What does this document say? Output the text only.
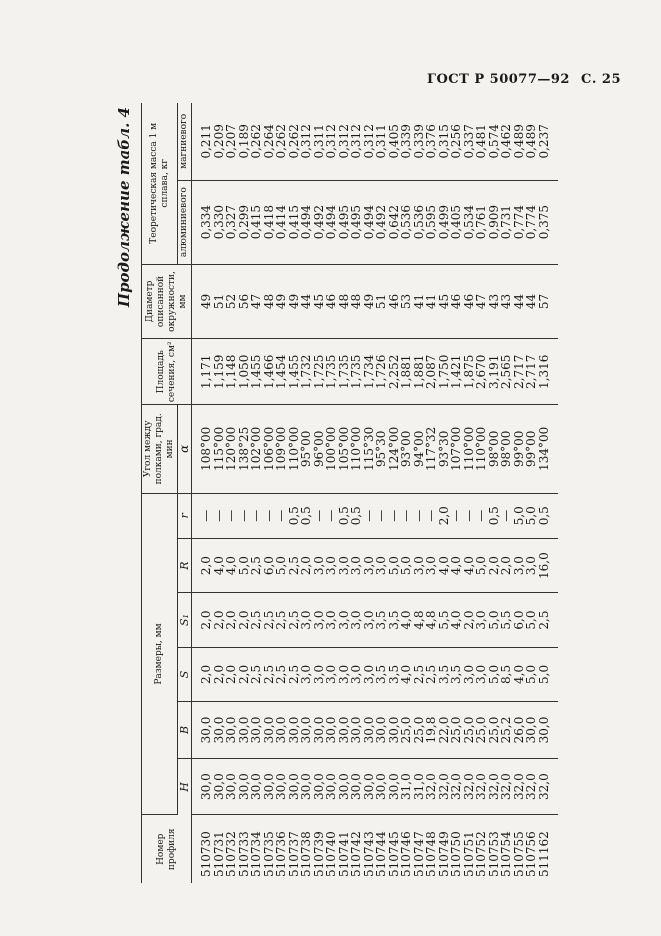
ГОСТ Р 50077—92 С. 25
Продолжение табл. 4
Номер профиля	Размеры, мм						Угол между полками, град. мин	Площадь сечения, см²	Диаметр описанной окружности, мм	Теоретическая масса 1 м сплава, кг	
	H	B	S	S₁	R	r	α			алюминиевого	магниевого
510730	30,0	30,0	2,0	2,0	2,0	—	108°00	1,171	49	0,334	0,211
510731	30,0	30,0	2,0	2,0	4,0	—	115°00	1,159	51	0,330	0,209
510732	30,0	30,0	2,0	2,0	4,0	—	120°00	1,148	52	0,327	0,207
510733	30,0	30,0	2,0	2,0	5,0	—	138°25	1,050	56	0,299	0,189
510734	30,0	30,0	2,5	2,5	2,5	—	102°00	1,455	47	0,415	0,262
510735	30,0	30,0	2,5	2,5	6,0	—	106°00	1,466	48	0,418	0,264
510736	30,0	30,0	2,5	2,5	5,0	—	109°00	1,454	49	0,414	0,262
510737	30,0	30,0	2,5	2,5	2,5	0,5	110°00	1,455	49	0,415	0,262
510738	30,0	30,0	3,0	3,0	2,0	0,5	95°00	1,732	44	0,494	0,312
510739	30,0	30,0	3,0	3,0	3,0	—	96°00	1,725	45	0,492	0,311
510740	30,0	30,0	3,0	3,0	3,0	—	100°00	1,735	46	0,494	0,312
510741	30,0	30,0	3,0	3,0	3,0	0,5	105°00	1,735	48	0,495	0,312
510742	30,0	30,0	3,0	3,0	3,0	0,5	110°00	1,735	48	0,495	0,312
510743	30,0	30,0	3,0	3,0	3,0	—	115°30	1,734	49	0,494	0,312
510744	30,0	30,0	3,5	3,5	3,0	—	95°30	1,726	51	0,492	0,311
510745	30,0	30,0	3,5	3,5	5,0	—	124°00	2,252	46	0,642	0,405
510746	31,0	25,0	4,0	4,0	5,0	—	93°00	1,881	53	0,536	0,339
510747	31,0	25,0	2,5	4,8	3,0	—	94°00	1,881	41	0,536	0,339
510748	32,0	19,8	2,5	4,8	3,0	—	117°32	2,087	41	0,595	0,376
510749	32,0	22,0	3,5	5,5	4,0	2,0	93°30	1,750	45	0,499	0,315
510750	32,0	25,0	3,5	4,0	4,0	—	107°00	1,421	46	0,405	0,256
510751	32,0	25,0	3,0	2,0	4,0	—	110°00	1,875	46	0,534	0,337
510752	32,0	25,0	3,0	3,0	5,0	—	110°00	2,670	47	0,761	0,481
510753	32,0	25,0	5,0	5,0	2,0	0,5	98°00	3,191	43	0,909	0,574
510754	32,0	25,2	8,5	5,5	2,0	—	98°00	2,565	43	0,731	0,462
510755	32,0	26,0	4,0	6,0	3,0	5,0	99°00	2,717	44	0,774	0,489
510756	32,0	30,0	5,0	5,0	3,0	5,0	99°00	2,717	44	0,774	0,489
511162	32,0	30,0	5,0	2,5	16,0	0,5	134°00	1,316	57	0,375	0,237
